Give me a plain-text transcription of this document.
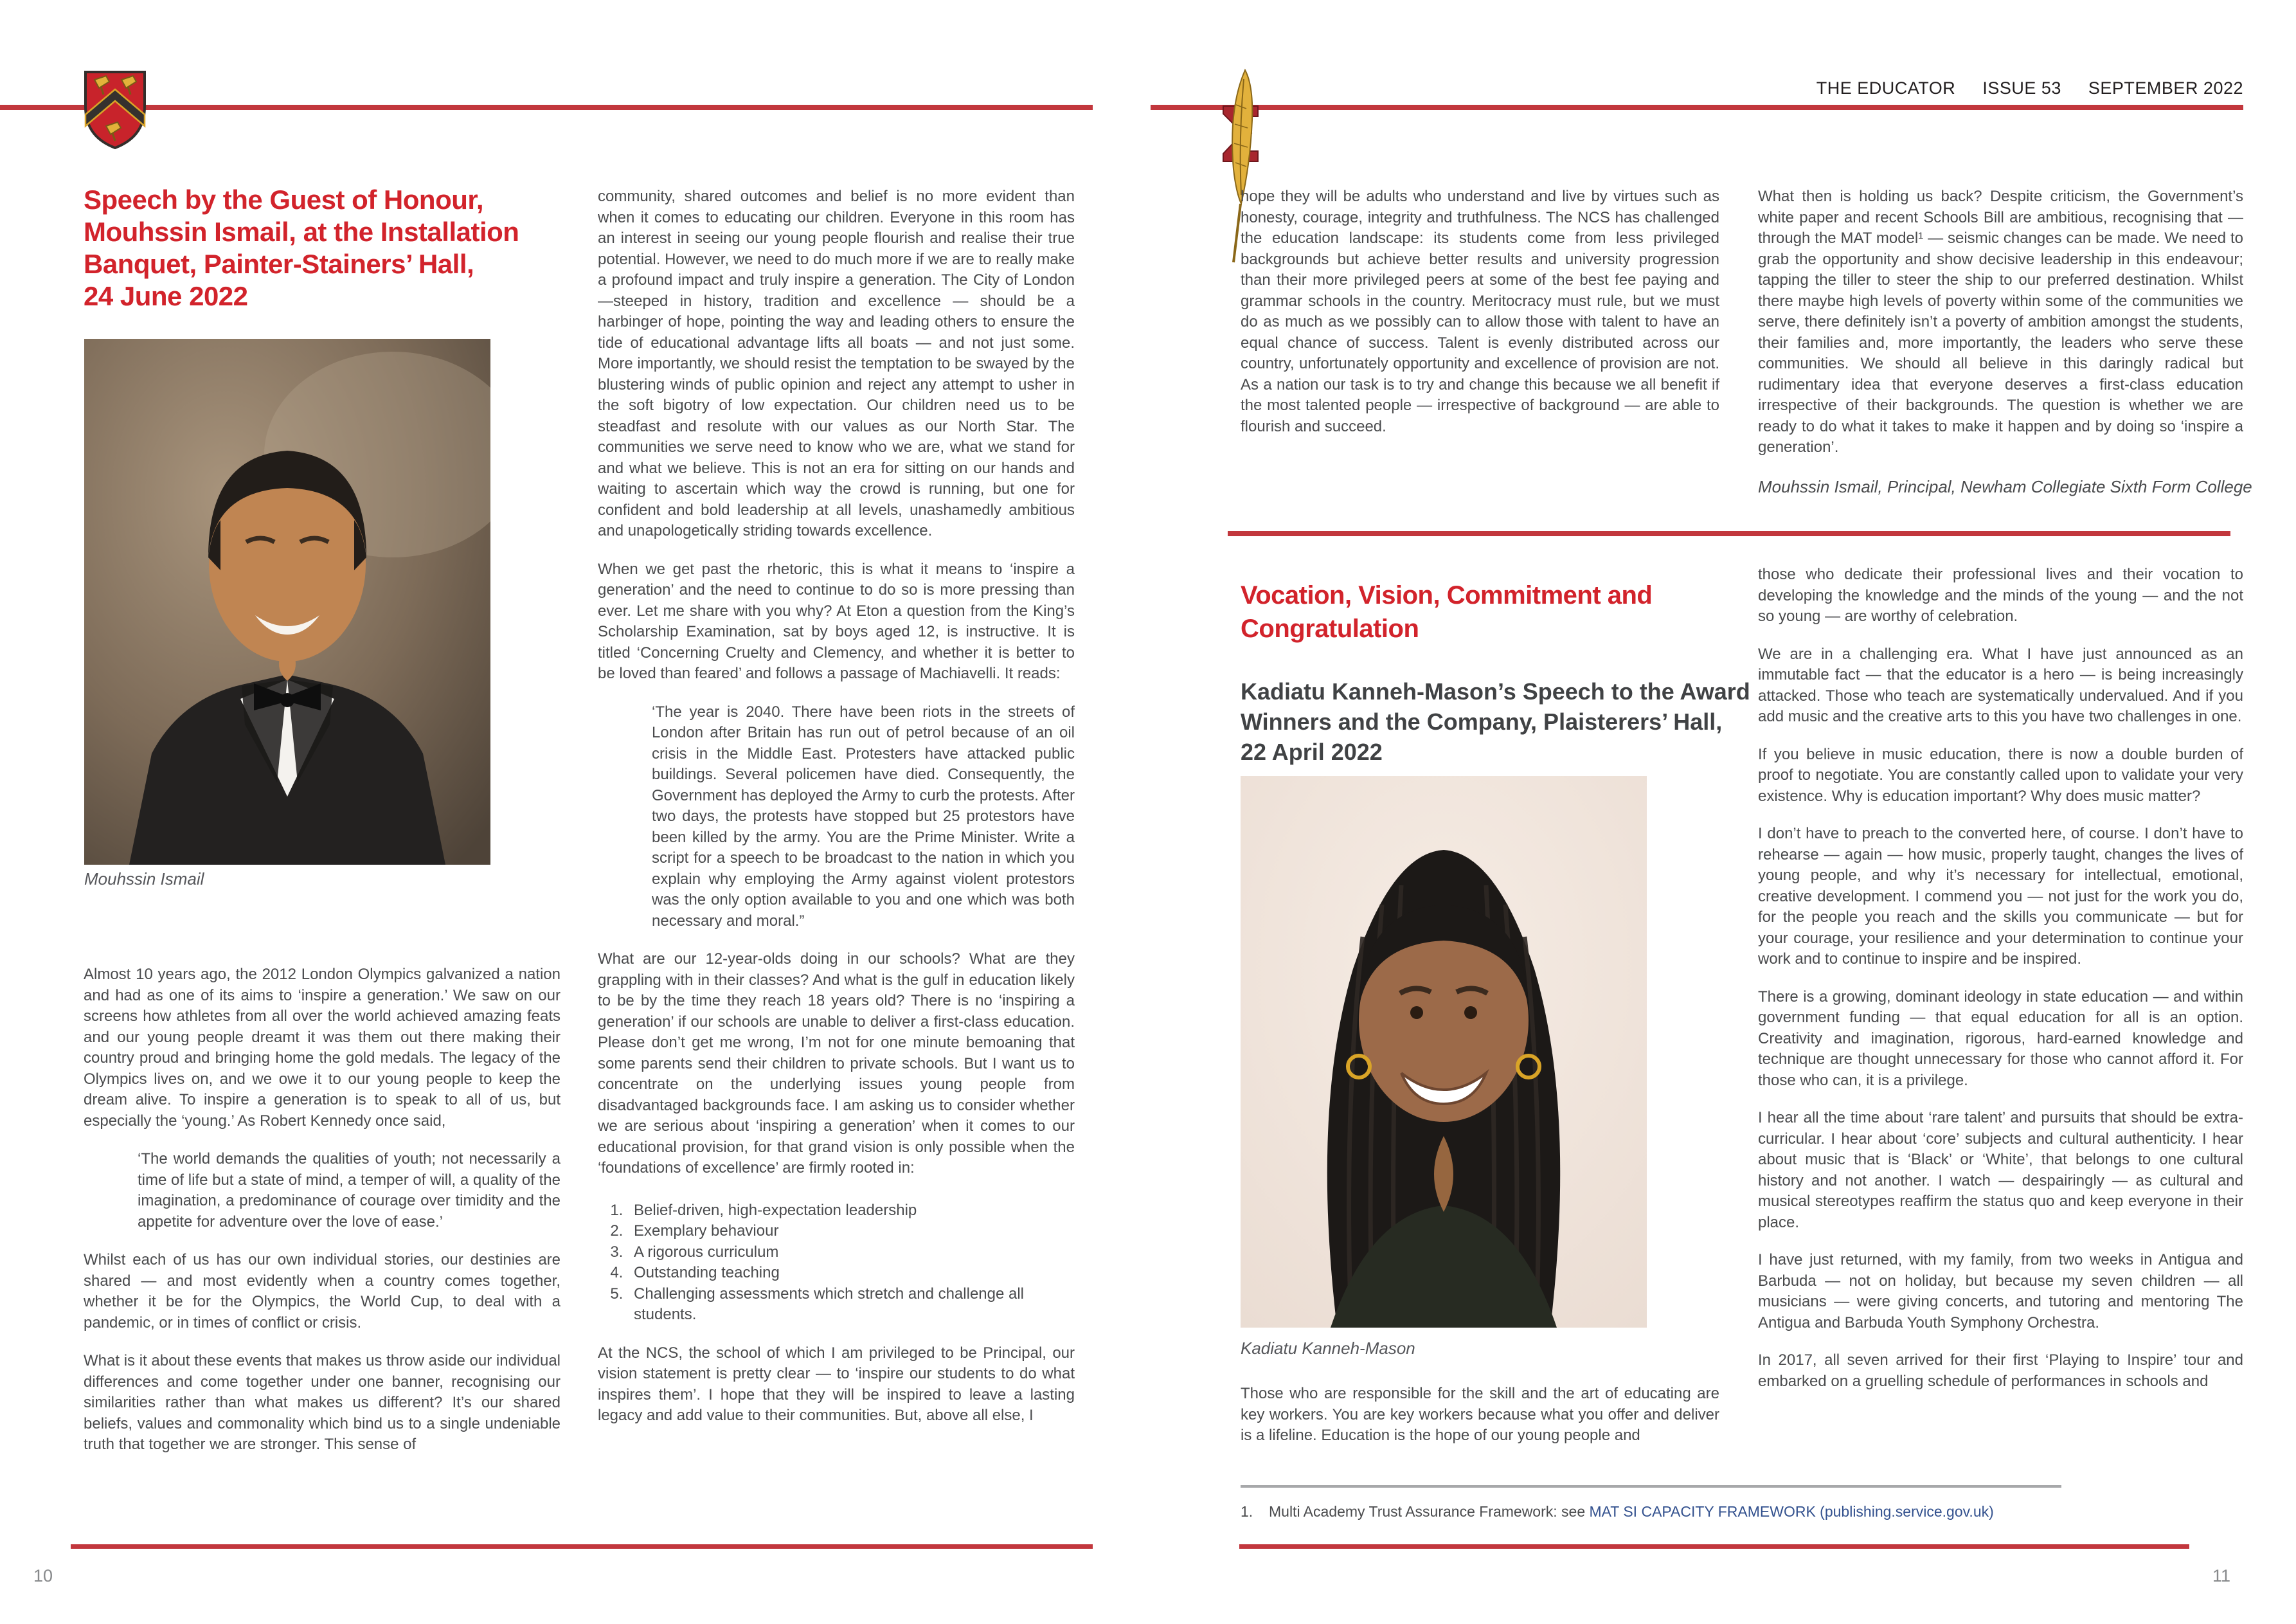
Speech by the Guest of Honour,
Mouhssin Ismail, at the Installation
Banquet, Painter-Stainers’ Hall,
24 June 2022
Mouhssin Ismail

Almost 10 years ago, the 2012 London Olympics galvanized a nation and had as one of its aims to ‘inspire a generation.’ We saw on our screens how athletes from all over the world achieved amazing feats and our young people dreamt it was them out there making their country proud and bringing home the gold medals. The legacy of the Olympics lives on, and we owe it to our young people to keep the dream alive. To inspire a generation is to speak to all of us, but especially the ‘young.’ As Robert Kennedy once said,

‘The world demands the qualities of youth; not necessarily a time of life but a state of mind, a temper of will, a quality of the imagination, a predominance of courage over timidity and the appetite for adventure over the love of ease.’

Whilst each of us has our own individual stories, our destinies are shared — and most evidently when a country comes together, whether it be for the Olympics, the World Cup, to deal with a pandemic, or in times of conflict or crisis.

What is it about these events that makes us throw aside our individual differences and come together under one banner, recognising our similarities rather than what makes us different? It’s our shared beliefs, values and commonality which bind us to a single undeniable truth that together we are stronger. This sense of

community, shared outcomes and belief is no more evident than when it comes to educating our children. Everyone in this room has an interest in seeing our young people flourish and realise their true potential. However, we need to do much more if we are to really make a profound impact and truly inspire a generation. The City of London —steeped in history, tradition and excellence — should be a harbinger of hope, pointing the way and leading others to ensure the tide of educational advantage lifts all boats — and not just some. More importantly, we should resist the temptation to be swayed by the blustering winds of public opinion and reject any attempt to usher in the soft bigotry of low expectation. Our children need us to be steadfast and resolute with our values as our North Star. The communities we serve need to know who we are, what we stand for and what we believe. This is not an era for sitting on our hands and waiting to ascertain which way the crowd is running, but one for confident and bold leadership at all levels, unashamedly ambitious and unapologetically striding towards excellence.

When we get past the rhetoric, this is what it means to ‘inspire a generation’ and the need to continue to do so is more pressing than ever. Let me share with you why? At Eton a question from the King’s Scholarship Examination, sat by boys aged 12, is instructive. It is titled ‘Concerning Cruelty and Clemency, and whether it is better to be loved than feared’ and follows a passage of Machiavelli. It reads:

‘The year is 2040. There have been riots in the streets of London after Britain has run out of petrol because of an oil crisis in the Middle East. Protesters have attacked public buildings. Several policemen have died. Consequently, the Government has deployed the Army to curb the protests. After two days, the protests have stopped but 25 protestors have been killed by the army. You are the Prime Minister. Write a script for a speech to be broadcast to the nation in which you explain why employing the Army against violent protestors was the only option available to you and one which was both necessary and moral.”

What are our 12-year-olds doing in our schools? What are they grappling with in their classes? And what is the gulf in education likely to be by the time they reach 18 years old? There is no ‘inspiring a generation’ if our schools are unable to deliver a first-class education. Please don’t get me wrong, I’m not for one minute bemoaning that some parents send their children to private schools. But I want us to concentrate on the underlying issues young people from disadvantaged backgrounds face. I am asking us to consider whether we are serious about ‘inspiring a generation’ when it comes to our educational provision, for that grand vision is only possible when the ‘foundations of excellence’ are firmly rooted in:

1. Belief-driven, high-expectation leadership
2. Exemplary behaviour
3. A rigorous curriculum
4. Outstanding teaching
5. Challenging assessments which stretch and challenge all students.

At the NCS, the school of which I am privileged to be Principal, our vision statement is pretty clear — to ‘inspire our students to do what inspires them’. I hope that they will be inspired to leave a lasting legacy and add value to their communities. But, above all else, I

10
THE EDUCATOR ISSUE 53 SEPTEMBER 2022

hope they will be adults who understand and live by virtues such as honesty, courage, integrity and truthfulness. The NCS has challenged the education landscape: its students come from less privileged backgrounds but achieve better results and university progression than their more privileged peers at some of the best fee paying and grammar schools in the country. Meritocracy must rule, but we must do as much as we possibly can to allow those with talent to have an equal chance of success. Talent is evenly distributed across our country, unfortunately opportunity and excellence of provision are not. As a nation our task is to try and change this because we all benefit if the most talented people — irrespective of background — are able to flourish and succeed.

What then is holding us back? Despite criticism, the Government’s white paper and recent Schools Bill are ambitious, recognising that — through the MAT model¹ — seismic changes can be made. We need to grab the opportunity and show decisive leadership in this endeavour; tapping the tiller to steer the ship to our preferred destination. Whilst there maybe high levels of poverty within some of the communities we serve, there definitely isn’t a poverty of ambition amongst the students, their families and, more importantly, the leaders who serve these communities. We should all believe in this daringly radical but rudimentary idea that everyone deserves a first-class education irrespective of their backgrounds. The question is whether we are ready to do what it takes to make it happen and by doing so ‘inspire a generation’.

Mouhssin Ismail, Principal, Newham Collegiate Sixth Form College
Vocation, Vision, Commitment and
Congratulation
Kadiatu Kanneh-Mason’s Speech to the Award
Winners and the Company, Plaisterers’ Hall,
22 April 2022
Kadiatu Kanneh-Mason

Those who are responsible for the skill and the art of educating are key workers. You are key workers because what you offer and deliver is a lifeline. Education is the hope of our young people and

those who dedicate their professional lives and their vocation to developing the knowledge and the minds of the young — and the not so young — are worthy of celebration.

We are in a challenging era. What I have just announced as an immutable fact — that the educator is a hero — is being increasingly attacked. Those who teach are systematically undervalued. And if you add music and the creative arts to this you have two challenges in one.

If you believe in music education, there is now a double burden of proof to negotiate. You are constantly called upon to validate your very existence. Why is education important? Why does music matter?

I don’t have to preach to the converted here, of course. I don’t have to rehearse — again — how music, properly taught, changes the lives of young people, and why it’s necessary for intellectual, emotional, creative development. I commend you — not just for the work you do, for the people you reach and the skills you communicate — but for your courage, your resilience and your determination to continue your work and to continue to inspire and be inspired.

There is a growing, dominant ideology in state education — and within government funding — that equal education for all is an option. Creativity and imagination, rigorous, hard-earned knowledge and technique are thought unnecessary for those who cannot afford it. For those who can, it is a privilege.

I hear all the time about ‘rare talent’ and pursuits that should be extra-curricular. I hear about ‘core’ subjects and cultural authenticity. I hear about music that is ‘Black’ or ‘White’, that belongs to one cultural history and not another. I watch — despairingly — as cultural and musical stereotypes reaffirm the status quo and keep everyone in their place.

I have just returned, with my family, from two weeks in Antigua and Barbuda — not on holiday, but because my seven children — all musicians — were giving concerts, and tutoring and mentoring The Antigua and Barbuda Youth Symphony Orchestra.

In 2017, all seven arrived for their first ‘Playing to Inspire’ tour and embarked on a gruelling schedule of performances in schools and

1. Multi Academy Trust Assurance Framework: see MAT SI CAPACITY FRAMEWORK (publishing.service.gov.uk)
11
